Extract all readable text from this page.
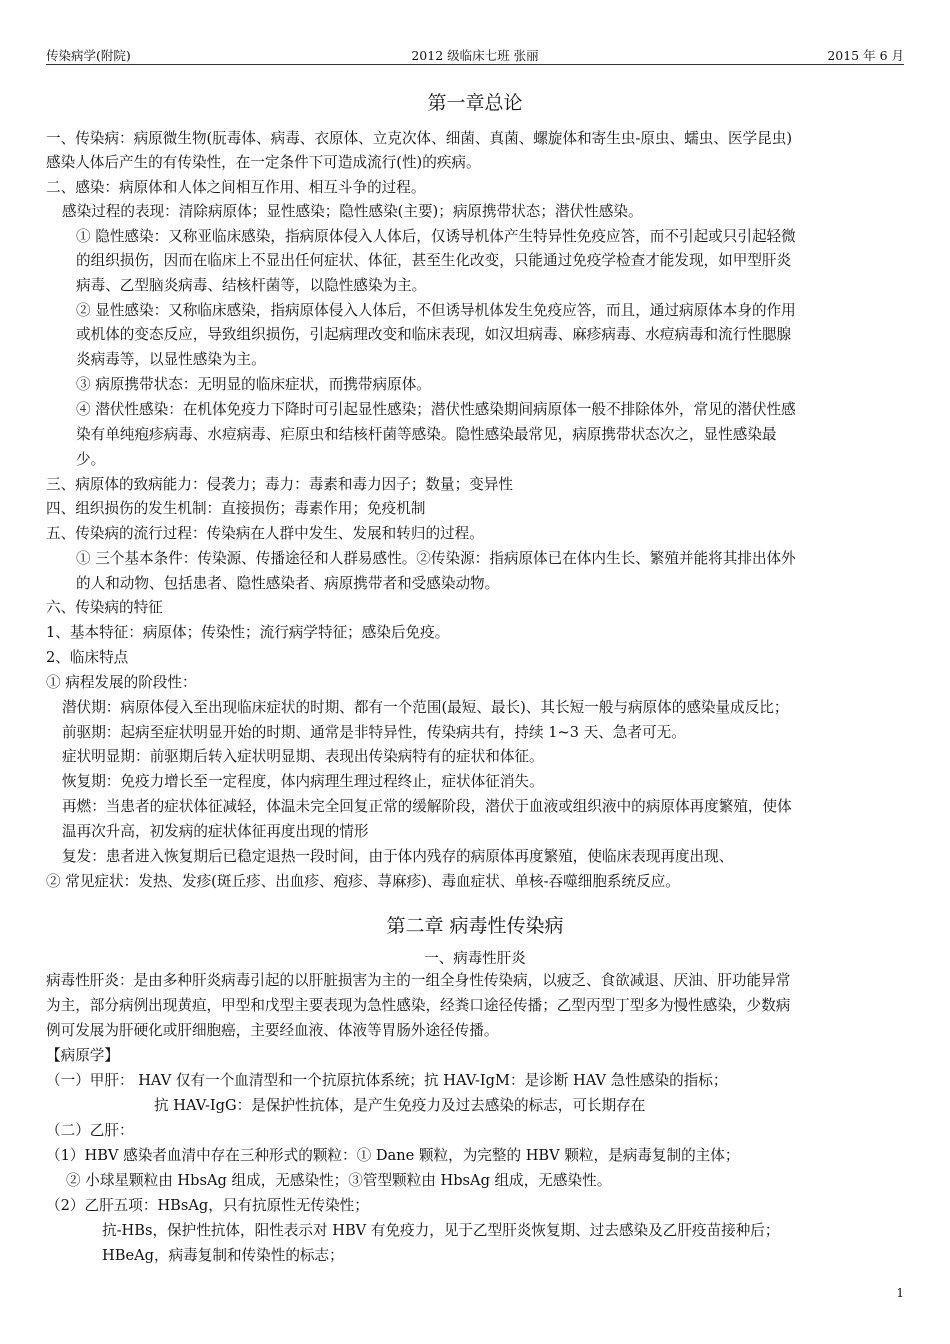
传染病学(附院)	2012 级临床七班 张丽	2015 年 6 月
第一章总论
一、传染病：病原微生物(朊毒体、病毒、衣原体、立克次体、细菌、真菌、螺旋体和寄生虫-原虫、蠕虫、医学昆虫)
感染人体后产生的有传染性，在一定条件下可造成流行(性)的疾病。
二、感染：病原体和人体之间相互作用、相互斗争的过程。
感染过程的表现：清除病原体；显性感染；隐性感染(主要)；病原携带状态；潜伏性感染。
① 隐性感染：又称亚临床感染，指病原体侵入人体后，仅诱导机体产生特异性免疫应答，而不引起或只引起轻微
的组织损伤，因而在临床上不显出任何症状、体征，甚至生化改变，只能通过免疫学检查才能发现，如甲型肝炎
病毒、乙型脑炎病毒、结核杆菌等，以隐性感染为主。
② 显性感染：又称临床感染，指病原体侵入人体后，不但诱导机体发生免疫应答，而且，通过病原体本身的作用
或机体的变态反应，导致组织损伤，引起病理改变和临床表现，如汉坦病毒、麻疹病毒、水痘病毒和流行性腮腺
炎病毒等，以显性感染为主。
③ 病原携带状态：无明显的临床症状，而携带病原体。
④ 潜伏性感染：在机体免疫力下降时可引起显性感染；潜伏性感染期间病原体一般不排除体外，常见的潜伏性感
染有单纯疱疹病毒、水痘病毒、疟原虫和结核杆菌等感染。隐性感染最常见，病原携带状态次之，显性感染最
少。
三、病原体的致病能力：侵袭力；毒力：毒素和毒力因子；数量；变异性
四、组织损伤的发生机制：直接损伤；毒素作用；免疫机制
五、传染病的流行过程：传染病在人群中发生、发展和转归的过程。
① 三个基本条件：传染源、传播途径和人群易感性。②传染源：指病原体已在体内生长、繁殖并能将其排出体外
的人和动物、包括患者、隐性感染者、病原携带者和受感染动物。
六、传染病的特征
1、基本特征：病原体；传染性；流行病学特征；感染后免疫。
2、临床特点
① 病程发展的阶段性：
潜伏期：病原体侵入至出现临床症状的时期、都有一个范围(最短、最长)、其长短一般与病原体的感染量成反比；
前驱期：起病至症状明显开始的时期、通常是非特异性，传染病共有，持续 1~3 天、急者可无。
症状明显期：前驱期后转入症状明显期、表现出传染病特有的症状和体征。
恢复期：免疫力增长至一定程度，体内病理生理过程终止，症状体征消失。
再燃：当患者的症状体征减轻，体温未完全回复正常的缓解阶段，潜伏于血液或组织液中的病原体再度繁殖，使体
温再次升高，初发病的症状体征再度出现的情形
复发：患者进入恢复期后已稳定退热一段时间，由于体内残存的病原体再度繁殖，使临床表现再度出现、
② 常见症状：发热、发疹(斑丘疹、出血疹、疱疹、荨麻疹)、毒血症状、单核-吞噬细胞系统反应。
第二章 病毒性传染病
一、病毒性肝炎
病毒性肝炎：是由多种肝炎病毒引起的以肝脏损害为主的一组全身性传染病，以疲乏、食欲减退、厌油、肝功能异常
为主，部分病例出现黄疸，甲型和戊型主要表现为急性感染，经粪口途径传播；乙型丙型丁型多为慢性感染，少数病
例可发展为肝硬化或肝细胞癌，主要经血液、体液等胃肠外途径传播。
【病原学】
（一）甲肝： HAV 仅有一个血清型和一个抗原抗体系统；抗 HAV-IgM：是诊断 HAV 急性感染的指标；
抗 HAV-IgG：是保护性抗体，是产生免疫力及过去感染的标志，可长期存在
（二）乙肝：
（1）HBV 感染者血清中存在三种形式的颗粒：① Dane 颗粒，为完整的 HBV 颗粒，是病毒复制的主体；
② 小球星颗粒由 HbsAg 组成，无感染性；③管型颗粒由 HbsAg 组成，无感染性。
（2）乙肝五项：HBsAg，只有抗原性无传染性；
抗-HBs，保护性抗体，阳性表示对 HBV 有免疫力，见于乙型肝炎恢复期、过去感染及乙肝疫苗接种后；
HBeAg，病毒复制和传染性的标志；
1
